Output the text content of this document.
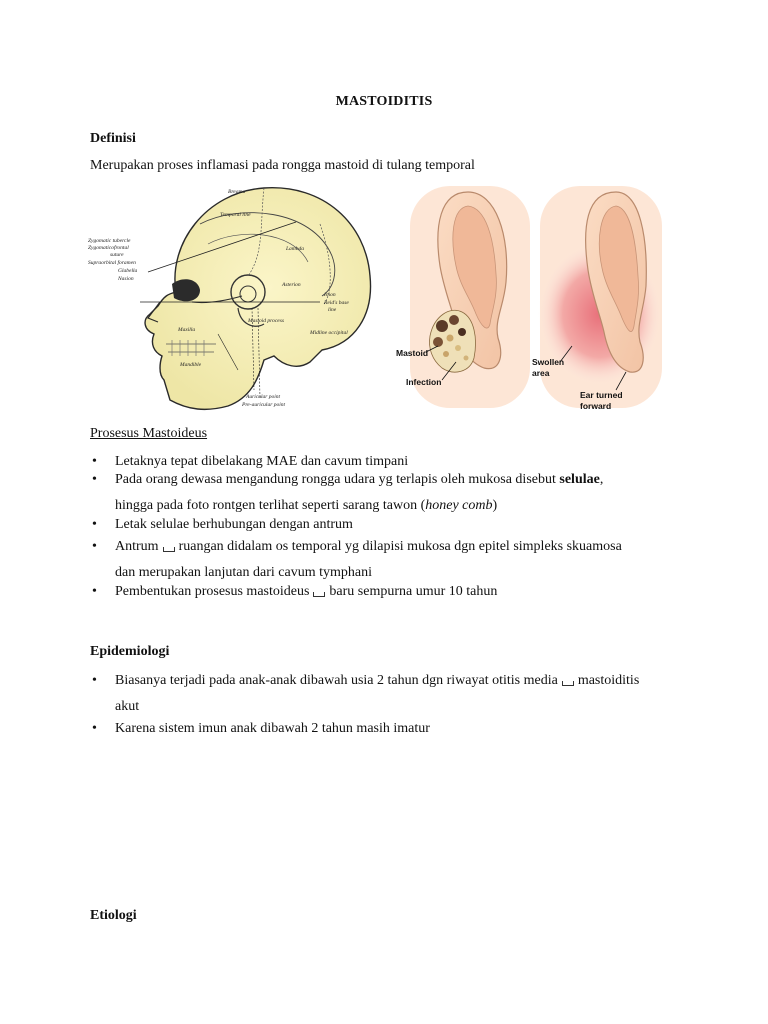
MASTOIDITIS
Definisi
Merupakan proses inflamasi pada rongga mastoid di tulang temporal
Bregma
Temporal line
Zygomatic tubercle
Zygomaticofrontal
suture
Supraorbital foramen
Glabella
Nasion
Lambda
Asterion
Inion
Reid's base
line
Maxilla
Mandible
Mastoid process
Midline occipital
Auricular point
Pre-auricular point
Mastoid
Infection
Swollen
area
Ear turned
forward
Prosesus Mastoideus
• Letaknya tepat dibelakang MAE dan cavum timpani
• Pada orang dewasa mengandung rongga udara yg terlapis oleh mukosa disebut selulae,
hingga pada foto rontgen terlihat seperti sarang tawon (honey comb)
• Letak selulae berhubungan dengan antrum
• Antrum ruangan didalam os temporal yg dilapisi mukosa dgn epitel simpleks skuamosa
dan merupakan lanjutan dari cavum tymphani
• Pembentukan prosesus mastoideus baru sempurna umur 10 tahun
Epidemiologi
• Biasanya terjadi pada anak-anak dibawah usia 2 tahun dgn riwayat otitis media mastoiditis
akut
• Karena sistem imun anak dibawah 2 tahun masih imatur
Etiologi
